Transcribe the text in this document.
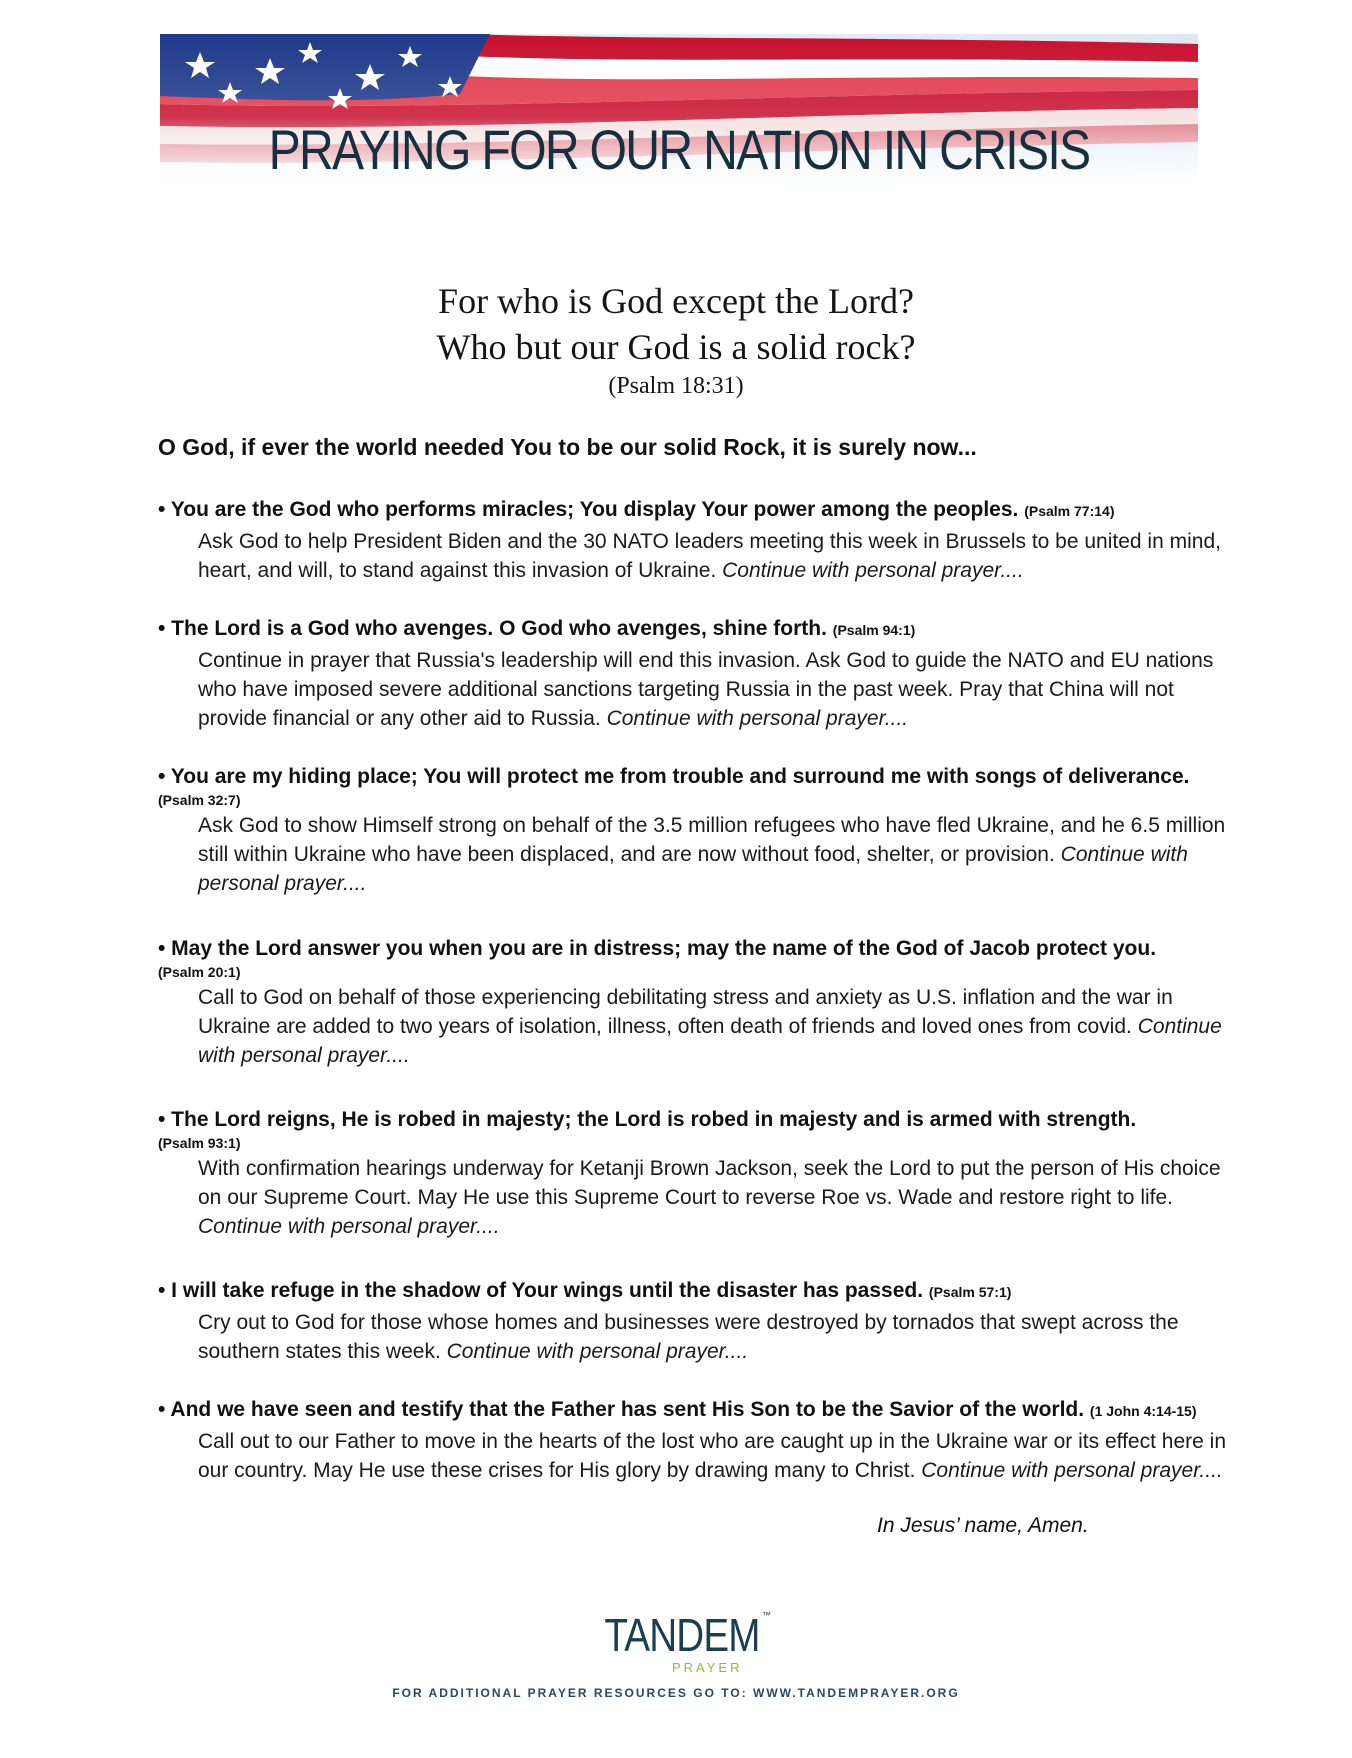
PRAYING FOR OUR NATION IN CRISIS
For who is God except the Lord?
Who but our God is a solid rock?
(Psalm 18:31)
O God, if ever the world needed You to be our solid Rock, it is surely now...
• You are the God who performs miracles; You display Your power among the peoples. (Psalm 77:14)
Ask God to help President Biden and the 30 NATO leaders meeting this week in Brussels to be united in mind, heart, and will, to stand against this invasion of Ukraine. Continue with personal prayer....
• The Lord is a God who avenges. O God who avenges, shine forth. (Psalm 94:1)
Continue in prayer that Russia's leadership will end this invasion. Ask God to guide the NATO and EU nations who have imposed severe additional sanctions targeting Russia in the past week. Pray that China will not provide financial or any other aid to Russia. Continue with personal prayer....
• You are my hiding place; You will protect me from trouble and surround me with songs of deliverance.
(Psalm 32:7)
Ask God to show Himself strong on behalf of the 3.5 million refugees who have fled Ukraine, and he 6.5 million still within Ukraine who have been displaced, and are now without food, shelter, or provision. Continue with personal prayer....
• May the Lord answer you when you are in distress; may the name of the God of Jacob protect you.
(Psalm 20:1)
Call to God on behalf of those experiencing debilitating stress and anxiety as U.S. inflation and the war in Ukraine are added to two years of isolation, illness, often death of friends and loved ones from covid. Continue with personal prayer....
• The Lord reigns, He is robed in majesty; the Lord is robed in majesty and is armed with strength.
(Psalm 93:1)
With confirmation hearings underway for Ketanji Brown Jackson, seek the Lord to put the person of His choice on our Supreme Court. May He use this Supreme Court to reverse Roe vs. Wade and restore right to life. Continue with personal prayer....
• I will take refuge in the shadow of Your wings until the disaster has passed. (Psalm 57:1)
Cry out to God for those whose homes and businesses were destroyed by tornados that swept across the southern states this week. Continue with personal prayer....
• And we have seen and testify that the Father has sent His Son to be the Savior of the world. (1 John 4:14-15)
Call out to our Father to move in the hearts of the lost who are caught up in the Ukraine war or its effect here in our country. May He use these crises for His glory by drawing many to Christ. Continue with personal prayer....
In Jesus’ name, Amen.
TANDEM
PRAYER
™
FOR ADDITIONAL PRAYER RESOURCES GO TO: WWW.TANDEMPRAYER.ORG
